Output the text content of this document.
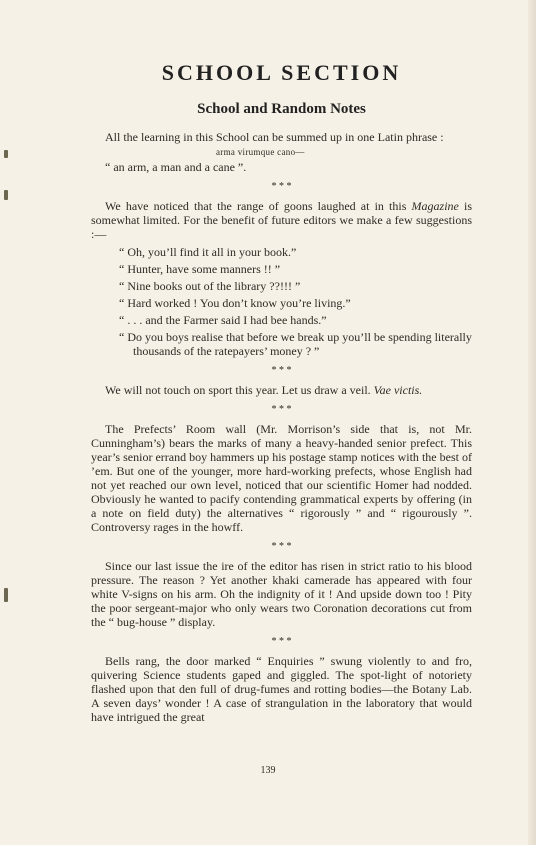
SCHOOL SECTION
School and Random Notes

All the learning in this School can be summed up in one Latin phrase :

arma virumque cano—

“ an arm, a man and a cane ”.

* * *

We have noticed that the range of goons laughed at in this Magazine is somewhat limited. For the benefit of future editors we make a few suggestions :—

“ Oh, you’ll find it all in your book.”
“ Hunter, have some manners !! ”
“ Nine books out of the library ??!!! ”
“ Hard worked ! You don’t know you’re living.”
“ . . . and the Farmer said I had bee hands.”
“ Do you boys realise that before we break up you’ll be spending literally thousands of the ratepayers’ money ? ”
* * *

We will not touch on sport this year. Let us draw a veil. Vae victis.

* * *

The Prefects’ Room wall (Mr. Morrison’s side that is, not Mr. Cunningham’s) bears the marks of many a heavy-handed senior prefect. This year’s senior errand boy hammers up his postage stamp notices with the best of ’em. But one of the younger, more hard-working prefects, whose English had not yet reached our own level, noticed that our scientific Homer had nodded. Obviously he wanted to pacify contending grammatical experts by offering (in a note on field duty) the alternatives “ rigorously ” and “ rigourously ”. Controversy rages in the howff.

* * *

Since our last issue the ire of the editor has risen in strict ratio to his blood pressure. The reason ? Yet another khaki camerade has appeared with four white V-signs on his arm. Oh the indignity of it ! And upside down too ! Pity the poor sergeant-major who only wears two Coronation decorations cut from the “ bug-house ” display.

* * *

Bells rang, the door marked “ Enquiries ” swung violently to and fro, quivering Science students gaped and giggled. The spot-light of notoriety flashed upon that den full of drug-fumes and rotting bodies—the Botany Lab. A seven days’ wonder ! A case of strangulation in the laboratory that would have intrigued the great

139
